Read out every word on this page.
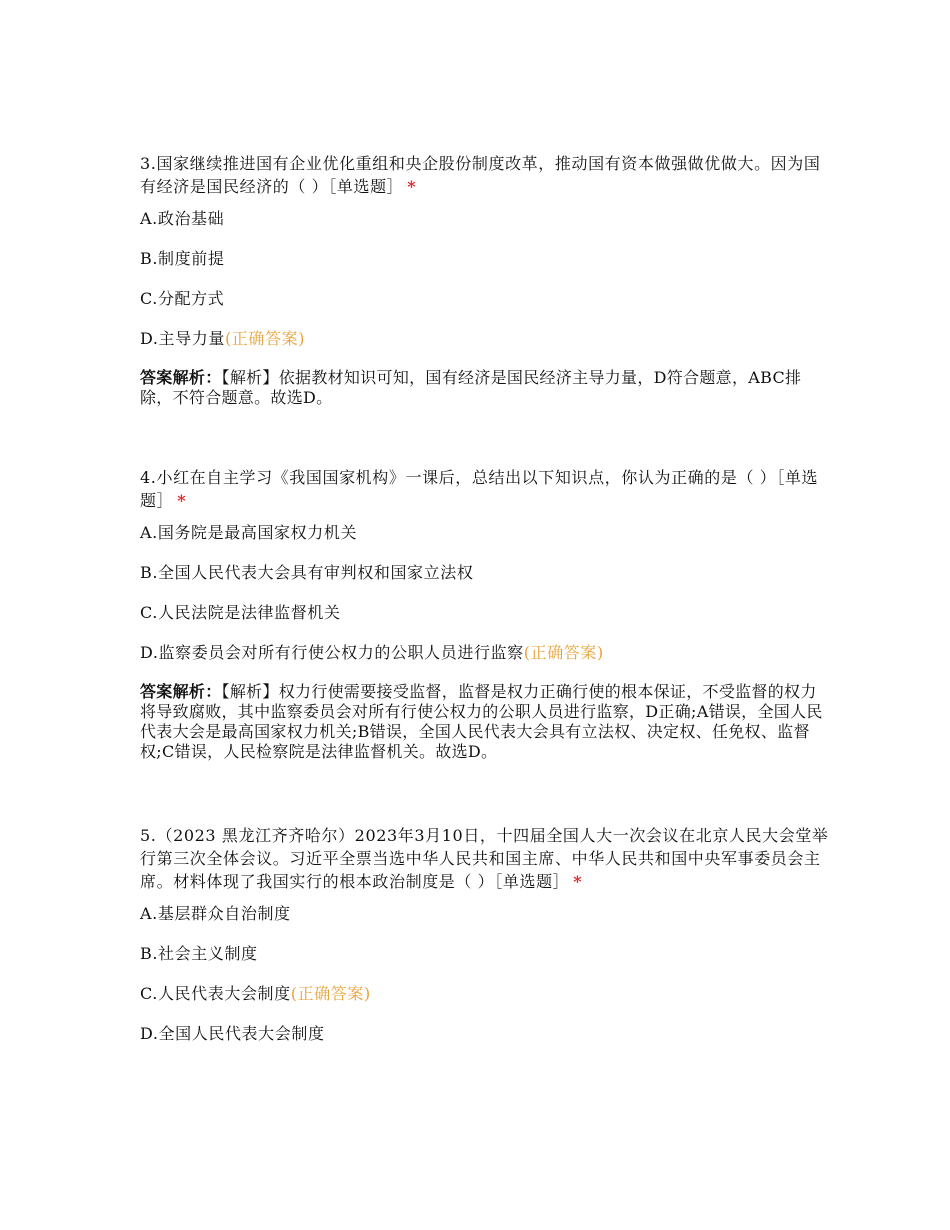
3.国家继续推进国有企业优化重组和央企股份制度改革，推动国有资本做强做优做大。因为国有经济是国民经济的（ ）［单选题］ *

A.政治基础
B.制度前提
C.分配方式
D.主导力量(正确答案)

答案解析：【解析】依据教材知识可知，国有经济是国民经济主导力量，D符合题意，ABC排除，不符合题意。故选D。

4.小红在自主学习《我国国家机构》一课后，总结出以下知识点，你认为正确的是（ ）［单选题］ *

A.国务院是最高国家权力机关
B.全国人民代表大会具有审判权和国家立法权
C.人民法院是法律监督机关
D.监察委员会对所有行使公权力的公职人员进行监察(正确答案)

答案解析：【解析】权力行使需要接受监督，监督是权力正确行使的根本保证，不受监督的权力将导致腐败，其中监察委员会对所有行使公权力的公职人员进行监察，D正确;A错误，全国人民代表大会是最高国家权力机关;B错误，全国人民代表大会具有立法权、决定权、任免权、监督权;C错误，人民检察院是法律监督机关。故选D。

5.（2023 黑龙江齐齐哈尔）2023年3月10日，十四届全国人大一次会议在北京人民大会堂举行第三次全体会议。习近平全票当选中华人民共和国主席、中华人民共和国中央军事委员会主席。材料体现了我国实行的根本政治制度是（ ）［单选题］ *

A.基层群众自治制度
B.社会主义制度
C.人民代表大会制度(正确答案)
D.全国人民代表大会制度
